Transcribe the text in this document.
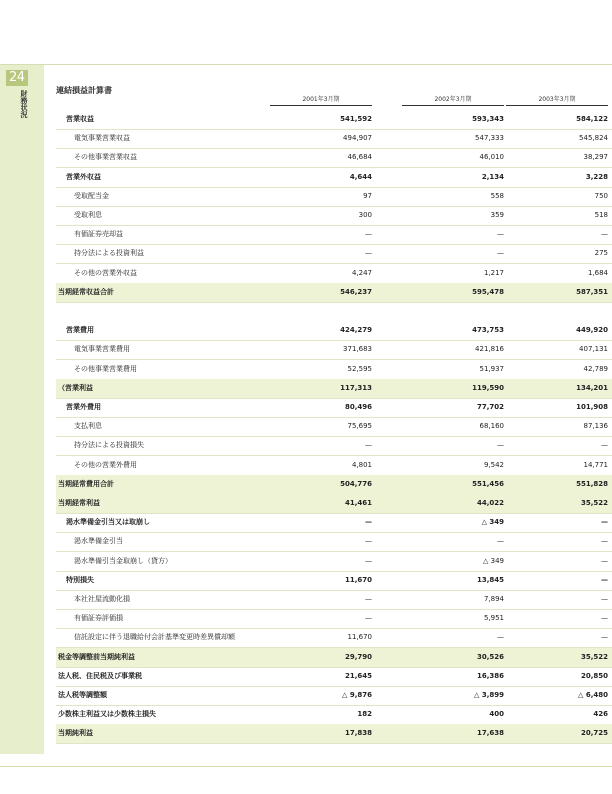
24
財務状況	連結損益計算書
2001年3月期	2002年3月期	2003年3月期
営業収益	541,592	593,343	584,122
電気事業営業収益	494,907	547,333	545,824
その他事業営業収益	46,684	46,010	38,297
営業外収益	4,644	2,134	3,228
受取配当金	97	558	750
受取利息	300	359	518
有価証券売却益	—	—	—
持分法による投資利益	—	—	275
その他の営業外収益	4,247	1,217	1,684
当期経常収益合計	546,237	595,478	587,351
営業費用	424,279	473,753	449,920
電気事業営業費用	371,683	421,816	407,131
その他事業営業費用	52,595	51,937	42,789
（営業利益	117,313	119,590	134,201
営業外費用	80,496	77,702	101,908
支払利息	75,695	68,160	87,136
持分法による投資損失	—	—	—
その他の営業外費用	4,801	9,542	14,771
当期経常費用合計	504,776	551,456	551,828
当期経常利益	41,461	44,022	35,522
渇水準備金引当又は取崩し	—	△ 349	—
渇水準備金引当	—	—	—
渇水準備引当金取崩し（貸方）	—	△ 349	—
特別損失	11,670	13,845	—
本社社屋流動化損	—	7,894	—
有価証券評価損	—	5,951	—
信託設定に伴う退職給付会計基準変更時差異償却額	11,670	—	—
税金等調整前当期純利益	29,790	30,526	35,522
法人税、住民税及び事業税	21,645	16,386	20,850
法人税等調整額	△ 9,876	△ 3,899	△ 6,480
少数株主利益又は少数株主損失	182	400	426
当期純利益	17,838	17,638	20,725
